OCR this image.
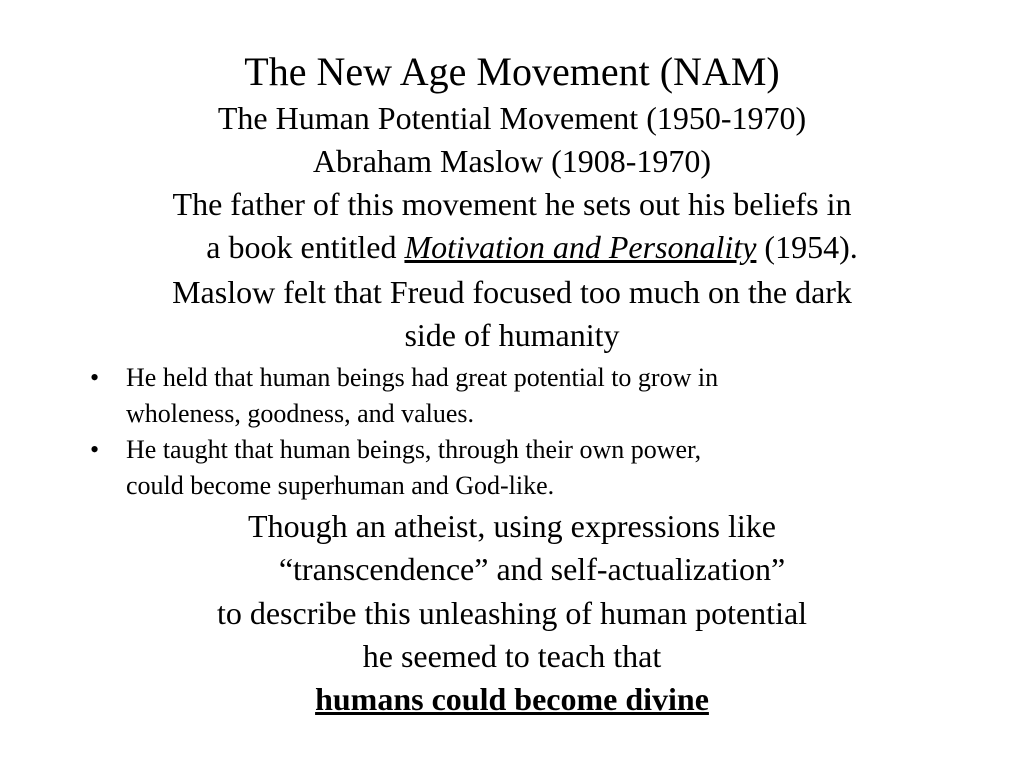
The New Age Movement (NAM)
The Human Potential Movement (1950-1970)
Abraham Maslow (1908-1970)
The father of this movement he sets out his beliefs in
a book entitled Motivation and Personality (1954).
Maslow felt that Freud focused too much on the dark
side of humanity
• He held that human beings had great potential to grow in
wholeness, goodness, and values.
• He taught that human beings, through their own power,
could become superhuman and God-like.
Though an atheist, using expressions like
“transcendence” and self-actualization”
to describe this unleashing of human potential
he seemed to teach that
humans could become divine
